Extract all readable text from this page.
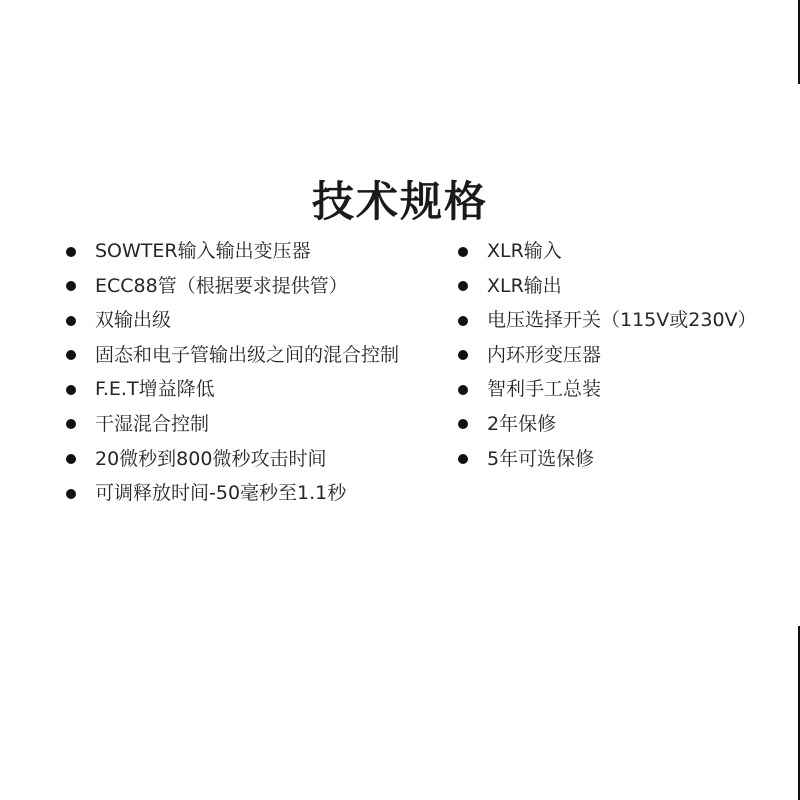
技术规格
SOWTER输入输出变压器
ECC88管（根据要求提供管）
双输出级
固态和电子管输出级之间的混合控制
F.E.T增益降低
干湿混合控制
20微秒到800微秒攻击时间
可调释放时间-50毫秒至1.1秒
XLR输入
XLR输出
电压选择开关（115V或230V）
内环形变压器
智利手工总装
2年保修
5年可选保修
